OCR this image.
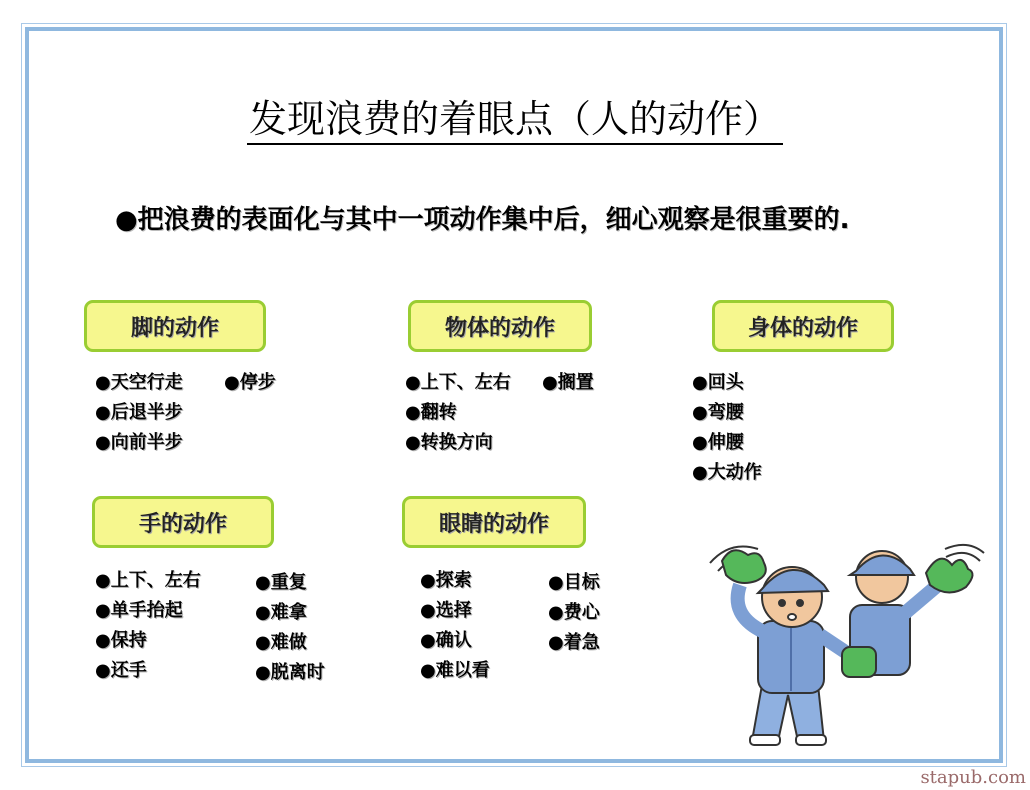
发现浪费的着眼点（人的动作）
●把浪费的表面化与其中一项动作集中后，细心观察是很重要的.
脚的动作
●天空行走 ●停步
●后退半步
●向前半步
物体的动作
●上下、左右 ●搁置
●翻转
●转换方向
身体的动作
●回头
●弯腰
●伸腰
●大动作
手的动作
●上下、左右
●单手抬起
●保持
●还手
●重复
●难拿
●难做
●脱离时
眼睛的动作
●探索
●选择
●确认
●难以看
●目标
●费心
●着急
stapub.com
